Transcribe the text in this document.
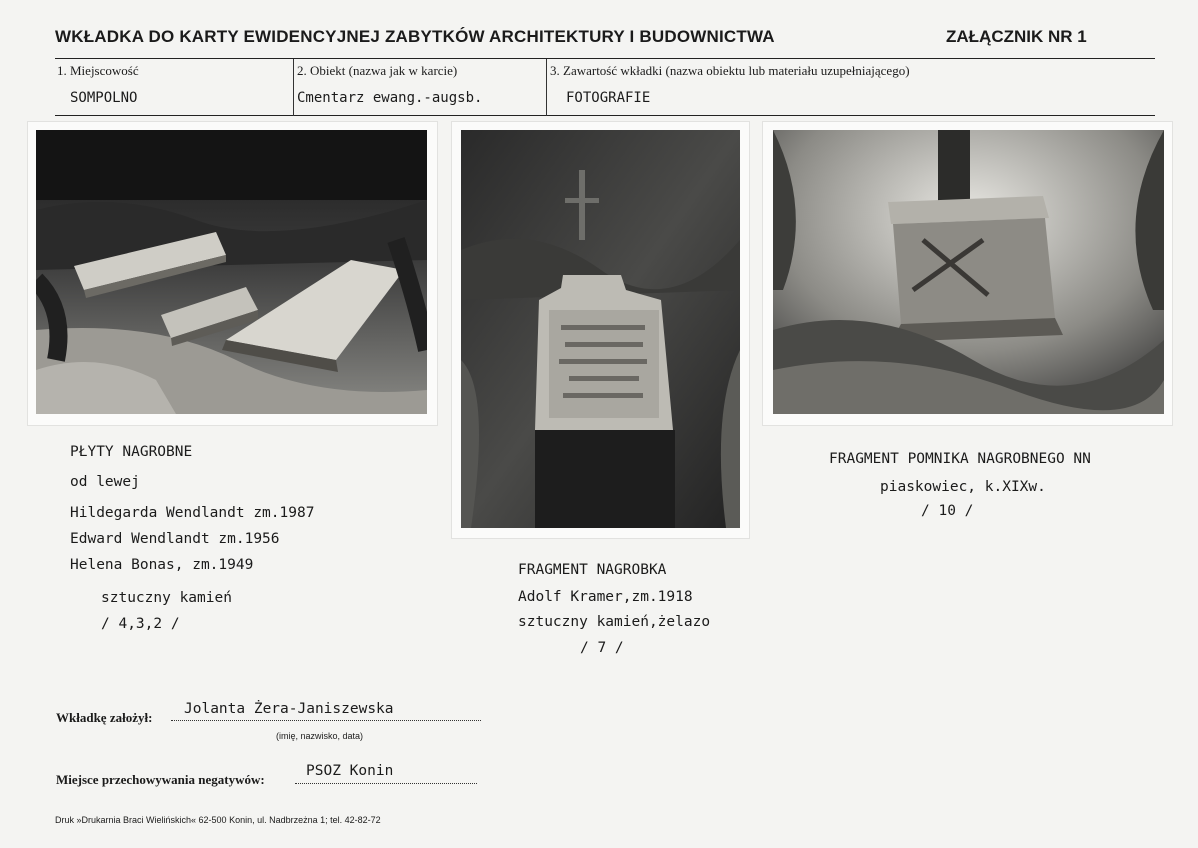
WKŁADKA DO KARTY EWIDENCYJNEJ ZABYTKÓW ARCHITEKTURY I BUDOWNICTWA	ZAŁĄCZNIK NR 1
1. Miejscowość
SOMPOLNO
2. Obiekt (nazwa jak w karcie)
Cmentarz ewang.-augsb.
3. Zawartość wkładki (nazwa obiektu lub materiału uzupełniającego)
FOTOGRAFIE
PŁYTY NAGROBNE
od lewej
Hildegarda Wendlandt zm.1987
Edward Wendlandt zm.1956
Helena Bonas, zm.1949
sztuczny kamień
/ 4,3,2 /
FRAGMENT NAGROBKA
Adolf Kramer,zm.1918
sztuczny kamień,żelazo
/ 7 /
FRAGMENT POMNIKA NAGROBNEGO NN
piaskowiec, k.XIXw.
/ 10 /
Wkładkę założył:
Jolanta Żera-Janiszewska
(imię, nazwisko, data)
Miejsce przechowywania negatywów:
PSOZ Konin
Druk »Drukarnia Braci Wielińskich« 62-500 Konin, ul. Nadbrzeżna 1; tel. 42-82-72
